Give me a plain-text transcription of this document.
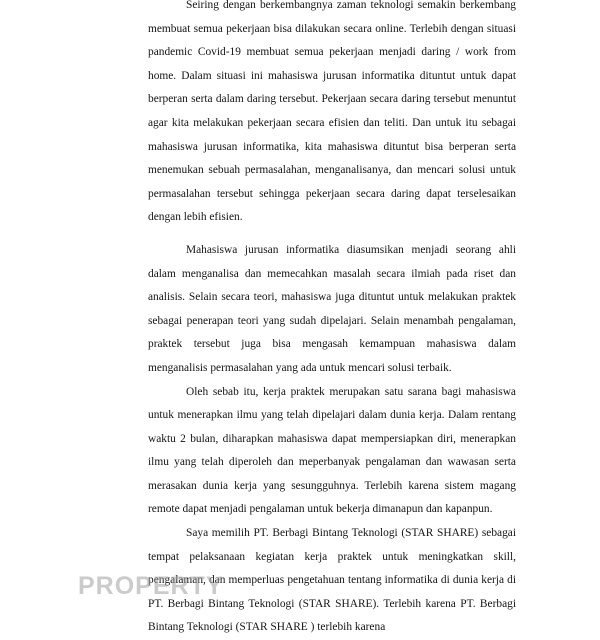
Seiring dengan berkembangnya zaman teknologi semakin berkembang membuat semua pekerjaan bisa dilakukan secara online. Terlebih dengan situasi pandemic Covid-19 membuat semua pekerjaan menjadi daring / work from home. Dalam situasi ini mahasiswa jurusan informatika dituntut untuk dapat berperan serta dalam daring tersebut. Pekerjaan secara daring tersebut menuntut agar kita melakukan pekerjaan secara efisien dan teliti. Dan untuk itu sebagai mahasiswa jurusan informatika, kita mahasiswa dituntut bisa berperan serta menemukan sebuah permasalahan, menganalisanya, dan mencari solusi untuk permasalahan tersebut sehingga pekerjaan secara daring dapat terselesaikan dengan lebih efisien.

Mahasiswa jurusan informatika diasumsikan menjadi seorang ahli dalam menganalisa dan memecahkan masalah secara ilmiah pada riset dan analisis. Selain secara teori, mahasiswa juga dituntut untuk melakukan praktek sebagai penerapan teori yang sudah dipelajari. Selain menambah pengalaman, praktek tersebut juga bisa mengasah kemampuan mahasiswa dalam menganalisis permasalahan yang ada untuk mencari solusi terbaik.

Oleh sebab itu, kerja praktek merupakan satu sarana bagi mahasiswa untuk menerapkan ilmu yang telah dipelajari dalam dunia kerja. Dalam rentang waktu 2 bulan, diharapkan mahasiswa dapat mempersiapkan diri, menerapkan ilmu yang telah diperoleh dan meperbanyak pengalaman dan wawasan serta merasakan dunia kerja yang sesungguhnya. Terlebih karena sistem magang remote dapat menjadi pengalaman untuk bekerja dimanapun dan kapanpun.

Saya memilih PT. Berbagi Bintang Teknologi (STAR SHARE) sebagai tempat pelaksanaan kegiatan kerja praktek untuk meningkatkan skill, pengalaman, dan memperluas pengetahuan tentang informatika di dunia kerja di PT. Berbagi Bintang Teknologi (STAR SHARE). Terlebih karena PT. Berbagi Bintang Teknologi (STAR SHARE ) terlebih karena

PROPERTY
